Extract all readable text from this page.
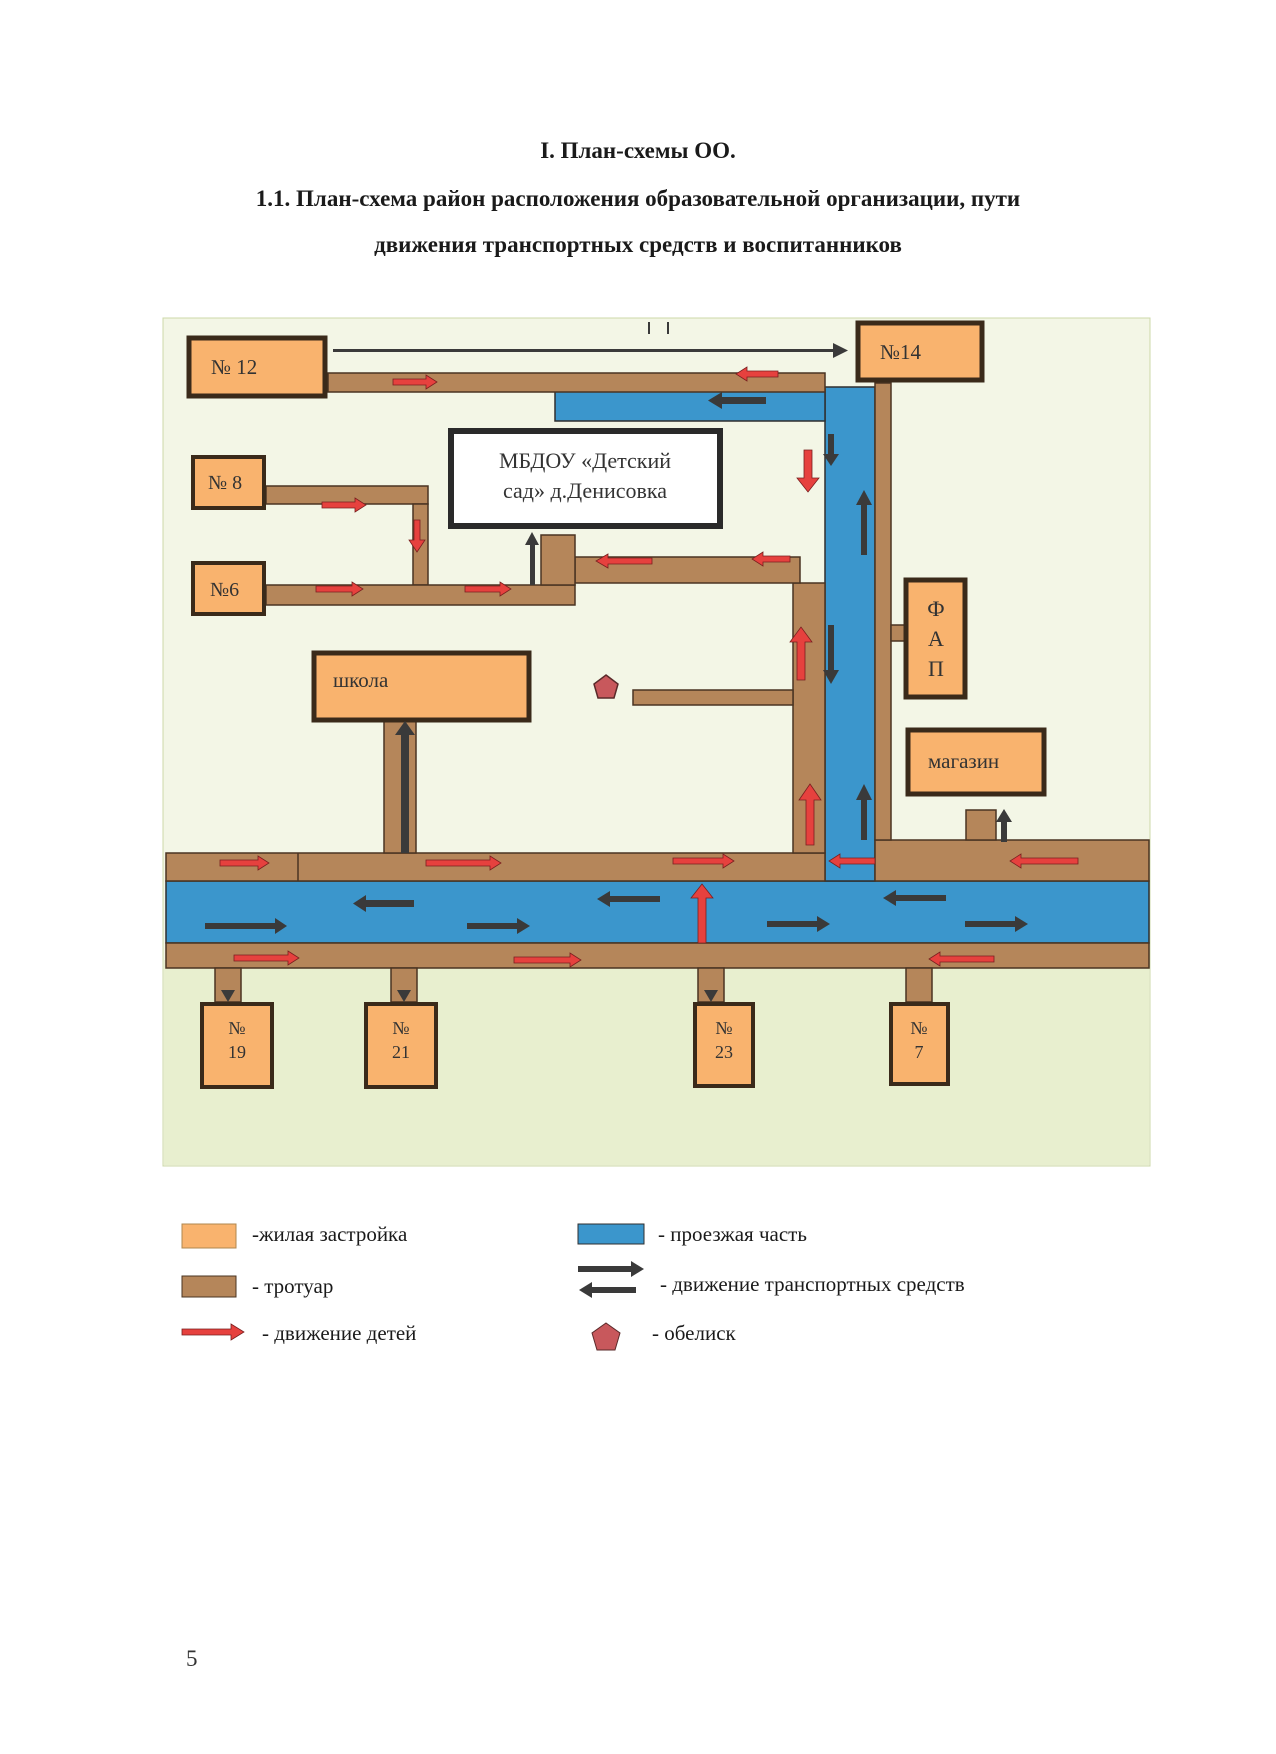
I. План-схемы ОО.
1.1. План-схема район расположения образовательной организации, пути
движения транспортных средств и воспитанников
№ 12
№14
№ 8
№6
МБДОУ «Детский
сад» д.Денисовка
школа
Ф
А
П
магазин
№
19
№
21
№
23
№
7
-жилая застройка
- тротуар
- движение детей
- проезжая часть
- движение транспортных средств
- обелиск
5
